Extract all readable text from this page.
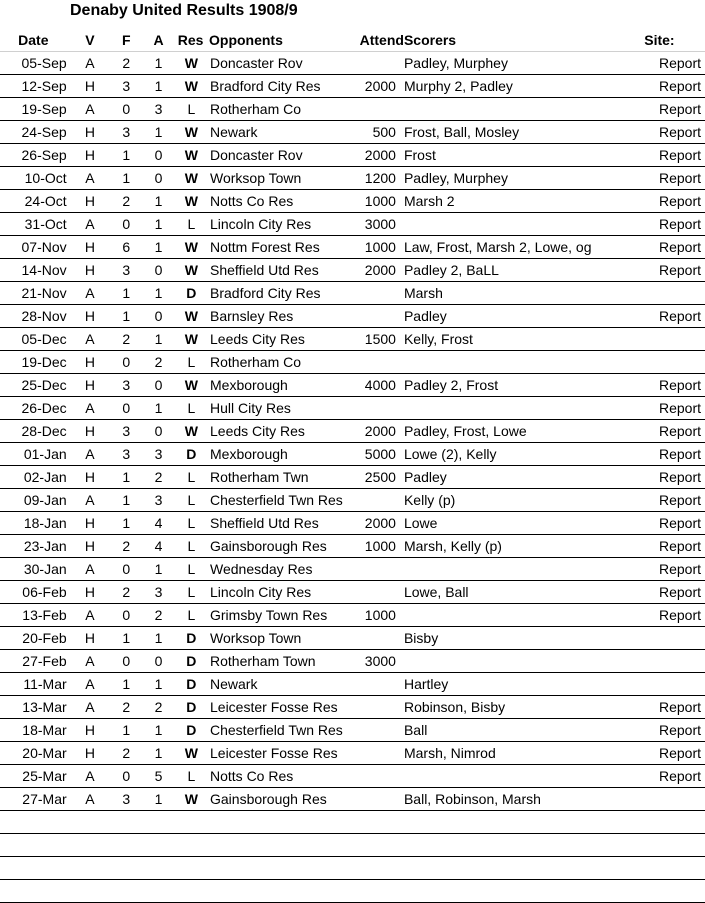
Denaby United Results 1908/9
Date	V	F	A	Res	Opponents	Attend	Scorers	Site:
05-Sep	A	2	1	W	Doncaster Rov		Padley, Murphey	Report
12-Sep	H	3	1	W	Bradford City Res	2000	Murphy 2, Padley	Report
19-Sep	A	0	3	L	Rotherham Co			Report
24-Sep	H	3	1	W	Newark	500	Frost, Ball, Mosley	Report
26-Sep	H	1	0	W	Doncaster Rov	2000	Frost	Report
10-Oct	A	1	0	W	Worksop Town	1200	Padley, Murphey	Report
24-Oct	H	2	1	W	Notts Co Res	1000	Marsh 2	Report
31-Oct	A	0	1	L	Lincoln City Res	3000		Report
07-Nov	H	6	1	W	Nottm Forest Res	1000	Law, Frost, Marsh 2, Lowe, og	Report
14-Nov	H	3	0	W	Sheffield Utd Res	2000	Padley 2, BaLL	Report
21-Nov	A	1	1	D	Bradford City Res		Marsh	
28-Nov	H	1	0	W	Barnsley Res		Padley	Report
05-Dec	A	2	1	W	Leeds City Res	1500	Kelly, Frost	
19-Dec	H	0	2	L	Rotherham Co			
25-Dec	H	3	0	W	Mexborough	4000	Padley 2, Frost	Report
26-Dec	A	0	1	L	Hull City Res			Report
28-Dec	H	3	0	W	Leeds City Res	2000	Padley, Frost, Lowe	Report
01-Jan	A	3	3	D	Mexborough	5000	Lowe (2), Kelly	Report
02-Jan	H	1	2	L	Rotherham Twn	2500	Padley	Report
09-Jan	A	1	3	L	Chesterfield Twn Res		Kelly (p)	Report
18-Jan	H	1	4	L	Sheffield Utd Res	2000	Lowe	Report
23-Jan	H	2	4	L	Gainsborough Res	1000	Marsh, Kelly (p)	Report
30-Jan	A	0	1	L	Wednesday Res			Report
06-Feb	H	2	3	L	Lincoln City Res		Lowe, Ball	Report
13-Feb	A	0	2	L	Grimsby Town Res	1000		Report
20-Feb	H	1	1	D	Worksop Town		Bisby	
27-Feb	A	0	0	D	Rotherham Town	3000		
11-Mar	A	1	1	D	Newark		Hartley	
13-Mar	A	2	2	D	Leicester Fosse Res		Robinson, Bisby	Report
18-Mar	H	1	1	D	Chesterfield Twn Res		Ball	Report
20-Mar	H	2	1	W	Leicester Fosse Res		Marsh, Nimrod	Report
25-Mar	A	0	5	L	Notts Co Res			Report
27-Mar	A	3	1	W	Gainsborough Res		Ball, Robinson, Marsh	
